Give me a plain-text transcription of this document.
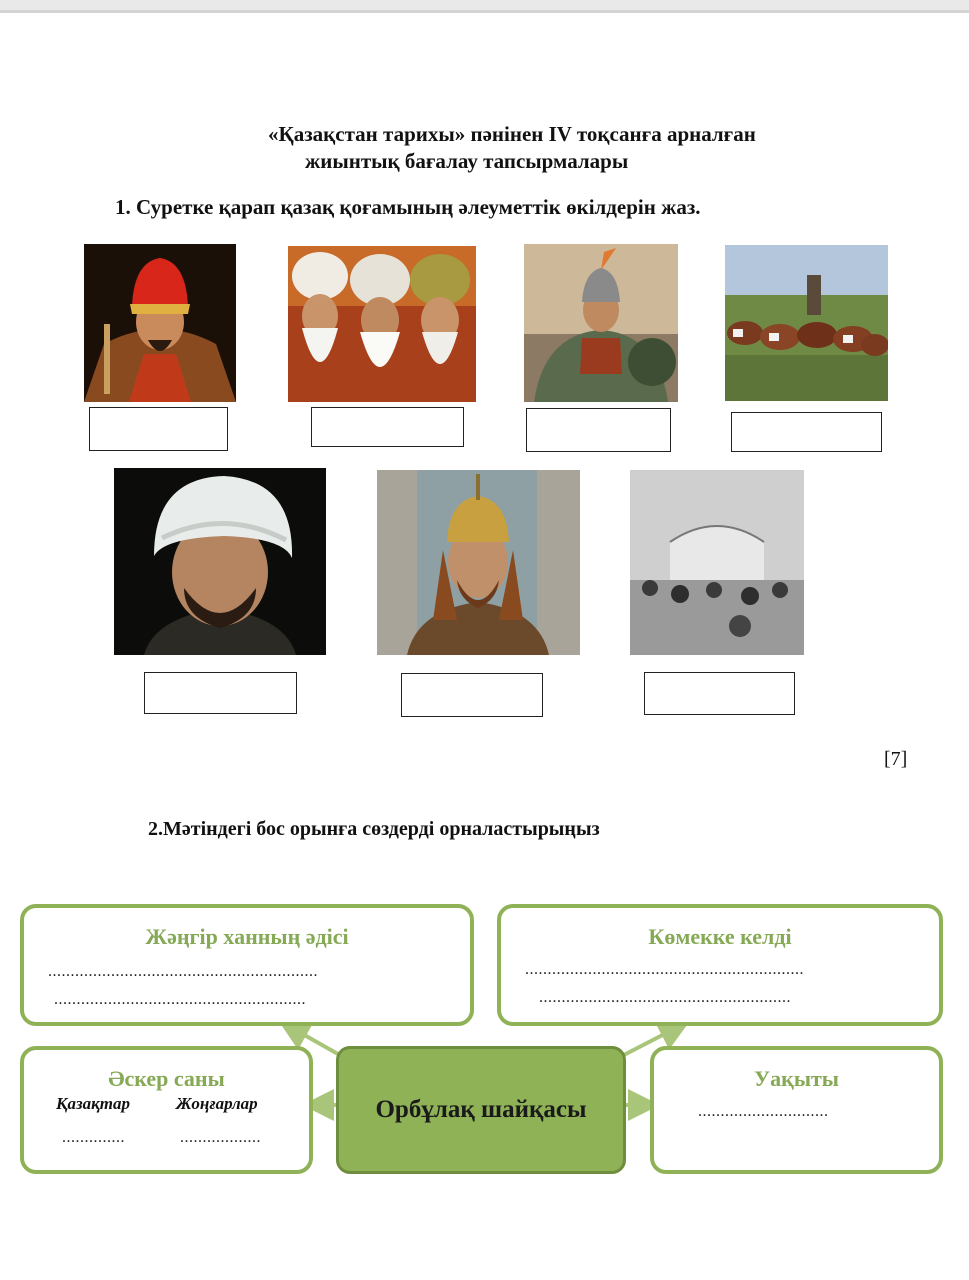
«Қазақстан тарихы» пәнінен IV тоқсанға арналған
жиынтық бағалау тапсырмалары
1. Суретке қарап қазақ қоғамының әлеуметтік өкілдерін жаз.
[7]
2.Мәтіндегі бос орынға сөздерді орналастырыңыз
Жәңгір ханның әдісі
............................................................
........................................................
Көмекке келді
..............................................................
........................................................
Әскер саны
Қазақтар	Жоңғарлар
..............	..................
Орбұлақ шайқасы
Уақыты
.............................
